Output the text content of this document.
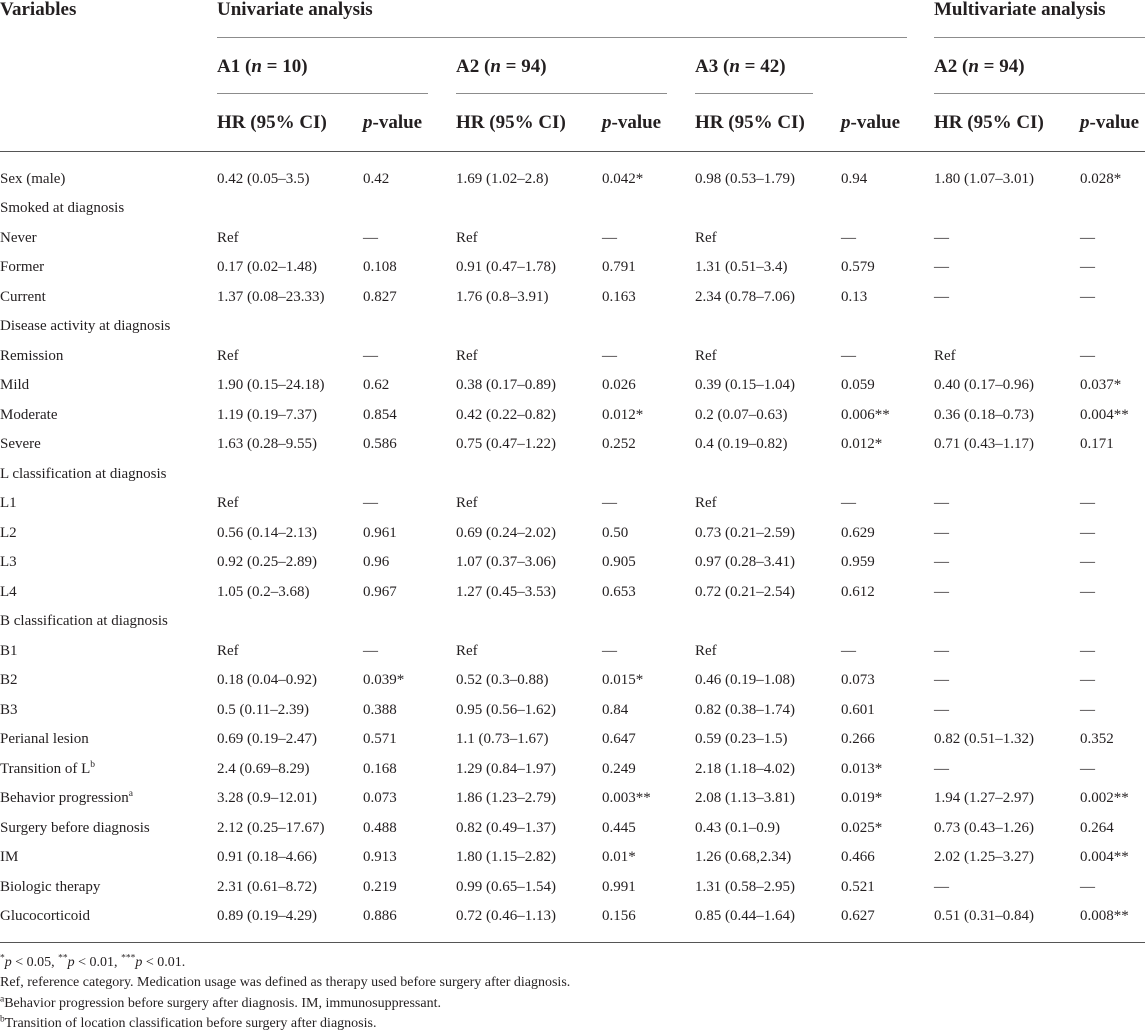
Variables	Univariate analysis	Multivariate analysis
A1 (n = 10)	A2 (n = 94)	A3 (n = 42)	A2 (n = 94)
HR (95% CI) p-value HR (95% CI) p-value HR (95% CI) p-value HR (95% CI) p-value
Sex (male)	0.42 (0.05–3.5)	0.42	1.69 (1.02–2.8)	0.042*	0.98 (0.53–1.79)	0.94	1.80 (1.07–3.01)	0.028*
Smoked at diagnosis
Never	Ref	—	Ref	—	Ref	—	—	—
Former	0.17 (0.02–1.48)	0.108	0.91 (0.47–1.78)	0.791	1.31 (0.51–3.4)	0.579	—	—
Current	1.37 (0.08–23.33)	0.827	1.76 (0.8–3.91)	0.163	2.34 (0.78–7.06)	0.13	—	—
Disease activity at diagnosis
Remission	Ref	—	Ref	—	Ref	—	Ref	—
Mild	1.90 (0.15–24.18)	0.62	0.38 (0.17–0.89)	0.026	0.39 (0.15–1.04)	0.059	0.40 (0.17–0.96)	0.037*
Moderate	1.19 (0.19–7.37)	0.854	0.42 (0.22–0.82)	0.012*	0.2 (0.07–0.63)	0.006**	0.36 (0.18–0.73)	0.004**
Severe	1.63 (0.28–9.55)	0.586	0.75 (0.47–1.22)	0.252	0.4 (0.19–0.82)	0.012*	0.71 (0.43–1.17)	0.171
L classification at diagnosis
L1	Ref	—	Ref	—	Ref	—	—	—
L2	0.56 (0.14–2.13)	0.961	0.69 (0.24–2.02)	0.50	0.73 (0.21–2.59)	0.629	—	—
L3	0.92 (0.25–2.89)	0.96	1.07 (0.37–3.06)	0.905	0.97 (0.28–3.41)	0.959	—	—
L4	1.05 (0.2–3.68)	0.967	1.27 (0.45–3.53)	0.653	0.72 (0.21–2.54)	0.612	—	—
B classification at diagnosis
B1	Ref	—	Ref	—	Ref	—	—	—
B2	0.18 (0.04–0.92)	0.039*	0.52 (0.3–0.88)	0.015*	0.46 (0.19–1.08)	0.073	—	—
B3	0.5 (0.11–2.39)	0.388	0.95 (0.56–1.62)	0.84	0.82 (0.38–1.74)	0.601	—	—
Perianal lesion	0.69 (0.19–2.47)	0.571	1.1 (0.73–1.67)	0.647	0.59 (0.23–1.5)	0.266	0.82 (0.51–1.32)	0.352
Transition of $L^b$	2.4 (0.69–8.29)	0.168	1.29 (0.84–1.97)	0.249	2.18 (1.18–4.02)	0.013*	—	—
Behavior progression$^a$	3.28 (0.9–12.01)	0.073	1.86 (1.23–2.79)	0.003**	2.08 (1.13–3.81)	0.019*	1.94 (1.27–2.97)	0.002**
Surgery before diagnosis	2.12 (0.25–17.67)	0.488	0.82 (0.49–1.37)	0.445	0.43 (0.1–0.9)	0.025*	0.73 (0.43–1.26)	0.264
IM	0.91 (0.18–4.66)	0.913	1.80 (1.15–2.82)	0.01*	1.26 (0.68,2.34)	0.466	2.02 (1.25–3.27)	0.004**
Biologic therapy	2.31 (0.61–8.72)	0.219	0.99 (0.65–1.54)	0.991	1.31 (0.58–2.95)	0.521	—	—
Glucocorticoid	0.89 (0.19–4.29)	0.886	0.72 (0.46–1.13)	0.156	0.85 (0.44–1.64)	0.627	0.51 (0.31–0.84)	0.008**
*p < 0.05, **p < 0.01, ***p < 0.01.
Ref, reference category. Medication usage was defined as therapy used before surgery after diagnosis.
$^a$Behavior progression before surgery after diagnosis. IM, immunosuppressant.
$^b$Transition of location classification before surgery after diagnosis.
